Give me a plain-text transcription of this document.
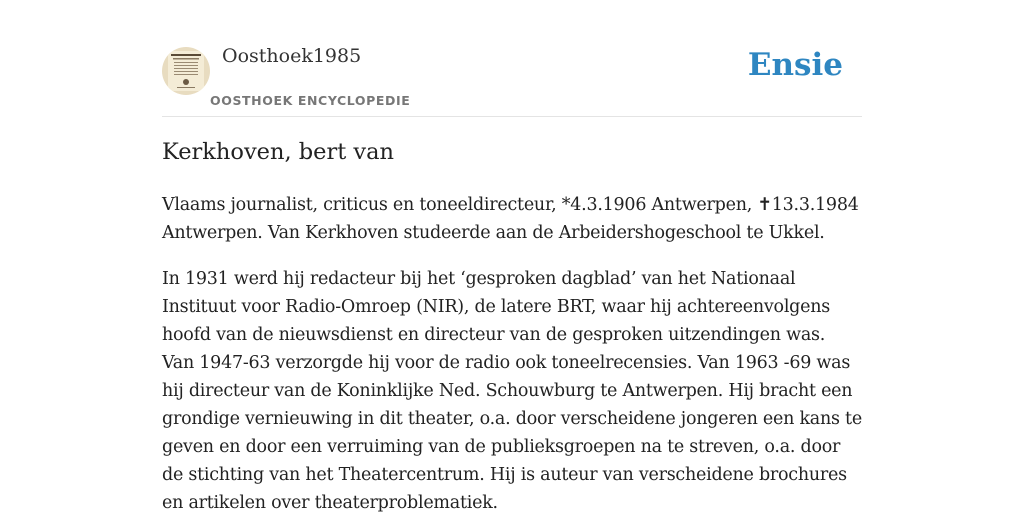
Oosthoek1985
OOSTHOEK ENCYCLOPEDIE
Ensie
Kerkhoven, bert van

Vlaams journalist, criticus en toneeldirecteur, *4.3.1906 Antwerpen, ✝13.3.1984 Antwerpen. Van Kerkhoven studeerde aan de Arbeidershogeschool te Ukkel.

In 1931 werd hij redacteur bij het ‘gesproken dagblad’ van het Nationaal Instituut voor Radio-Omroep (NIR), de latere BRT, waar hij achtereenvolgens hoofd van de nieuwsdienst en directeur van de gesproken uitzendingen was. Van 1947-63 verzorgde hij voor de radio ook toneelrecensies. Van 1963 -69 was hij directeur van de Koninklijke Ned. Schouwburg te Antwerpen. Hij bracht een grondige vernieuwing in dit theater, o.a. door verscheidene jongeren een kans te geven en door een verruiming van de publieksgroepen na te streven, o.a. door de stichting van het Theatercentrum. Hij is auteur van verscheidene brochures en artikelen over theaterproblematiek.
